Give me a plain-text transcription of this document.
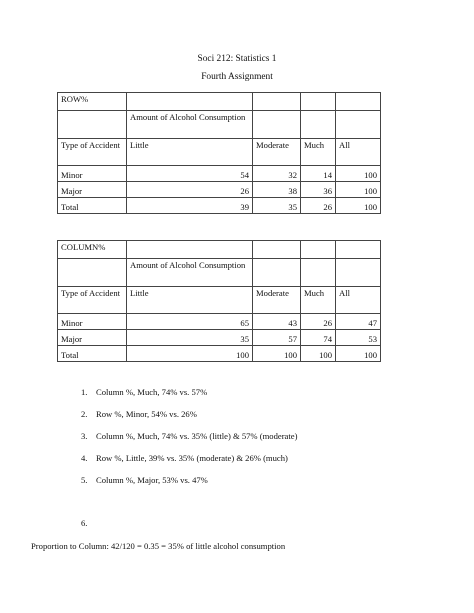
Soci 212: Statistics 1
Fourth Assignment
ROW%				
	Amount of Alcohol Consumption			
Type of Accident	Little	Moderate	Much	All
Minor	54	32	14	100
Major	26	38	36	100
Total	39	35	26	100
COLUMN%				
	Amount of Alcohol Consumption			
Type of Accident	Little	Moderate	Much	All
Minor	65	43	26	47
Major	35	57	74	53
Total	100	100	100	100
1. Column %, Much, 74% vs. 57%
2. Row %, Minor, 54% vs. 26%
3. Column %, Much, 74% vs. 35% (little) & 57% (moderate)
4. Row %, Little, 39% vs. 35% (moderate) & 26% (much)
5. Column %, Major, 53% vs. 47%
6.
Proportion to Column: 42/120 = 0.35 = 35% of little alcohol consumption
